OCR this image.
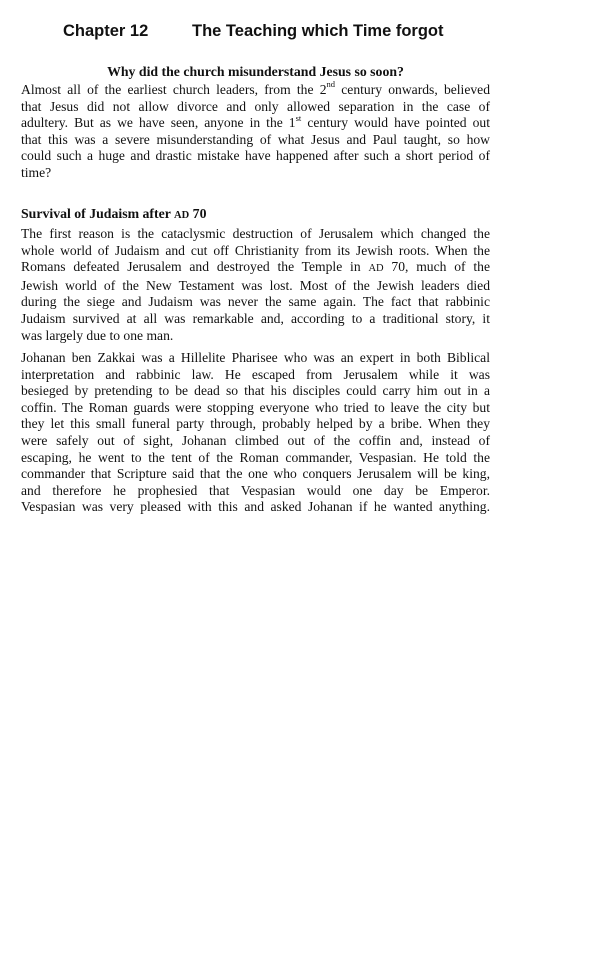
Chapter 12	The Teaching which Time forgot
Why did the church misunderstand Jesus so soon?

Almost all of the earliest church leaders, from the 2nd century onwards, believed
that Jesus did not allow divorce and only allowed separation in the case of
adultery. But as we have seen, anyone in the 1st century would have pointed out
that this was a severe misunderstanding of what Jesus and Paul taught, so how
could such a huge and drastic mistake have happened after such a short period of
time?

Survival of Judaism after AD 70

The first reason is the cataclysmic destruction of Jerusalem which changed the
whole world of Judaism and cut off Christianity from its Jewish roots. When the
Romans defeated Jerusalem and destroyed the Temple in AD 70, much of the
Jewish world of the New Testament was lost. Most of the Jewish leaders died
during the siege and Judaism was never the same again. The fact that rabbinic
Judaism survived at all was remarkable and, according to a traditional story, it
was largely due to one man.

Johanan ben Zakkai was a Hillelite Pharisee who was an expert in both Biblical
interpretation and rabbinic law. He escaped from Jerusalem while it was
besieged by pretending to be dead so that his disciples could carry him out in a
coffin. The Roman guards were stopping everyone who tried to leave the city but
they let this small funeral party through, probably helped by a bribe. When they
were safely out of sight, Johanan climbed out of the coffin and, instead of
escaping, he went to the tent of the Roman commander, Vespasian. He told the
commander that Scripture said that the one who conquers Jerusalem will be king,
and therefore he prophesied that Vespasian would one day be Emperor.
Vespasian was very pleased with this and asked Johanan if he wanted anything.
